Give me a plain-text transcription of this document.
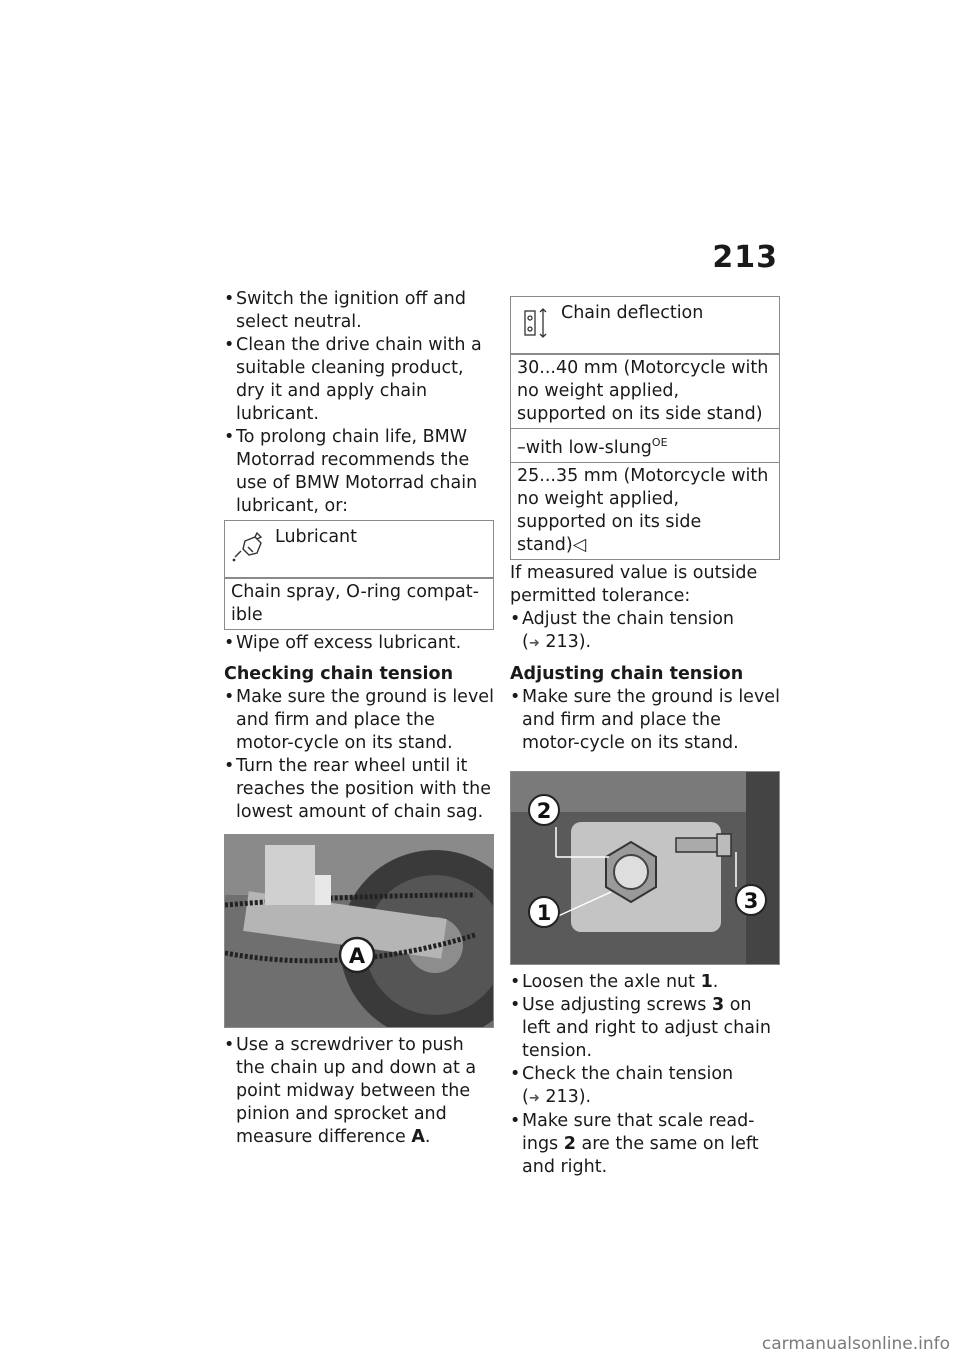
213
• Switch the ignition off and select neutral.
• Clean the drive chain with a suitable cleaning product, dry it and apply chain lubricant.
• To prolong chain life, BMW Motorrad recommends the use of BMW Motorrad chain lubricant, or:
Lubricant
Chain spray, O-ring compat-ible
• Wipe off excess lubricant.
Checking chain tension
• Make sure the ground is level and firm and place the motor-cycle on its stand.
• Turn the rear wheel until it reaches the position with the lowest amount of chain sag.
A
• Use a screwdriver to push the chain up and down at a point midway between the pinion and sprocket and measure difference A.
Chain deflection
30...40 mm (Motorcycle with no weight applied, supported on its side stand)
–with low-slung$^{OE}$
25...35 mm (Motorcycle with no weight applied, supported on its side stand)◁
If measured value is outside permitted tolerance:
• Adjust the chain tension
(➜ 213).
Adjusting chain tension
• Make sure the ground is level and firm and place the motor-cycle on its stand.
2
1	3
• Loosen the axle nut 1.
• Use adjusting screws 3 on left and right to adjust chain tension.
• Check the chain tension
(➜ 213).
• Make sure that scale read-ings 2 are the same on left and right.
carmanualsonline.info
